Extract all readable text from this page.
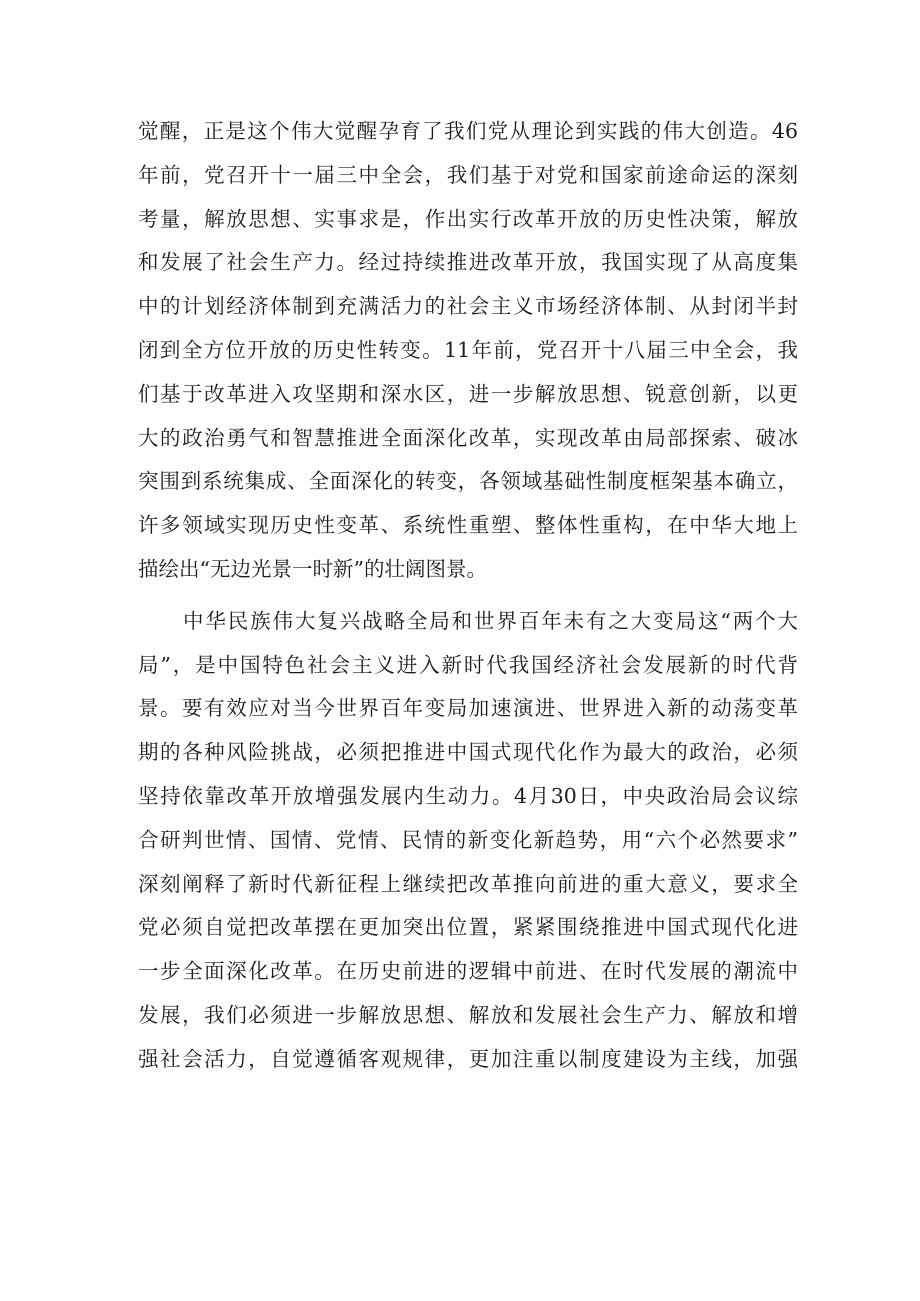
觉醒，正是这个伟大觉醒孕育了我们党从理论到实践的伟大创造。46
年前，党召开十一届三中全会，我们基于对党和国家前途命运的深刻
考量，解放思想、实事求是，作出实行改革开放的历史性决策，解放
和发展了社会生产力。经过持续推进改革开放，我国实现了从高度集
中的计划经济体制到充满活力的社会主义市场经济体制、从封闭半封
闭到全方位开放的历史性转变。11年前，党召开十八届三中全会，我
们基于改革进入攻坚期和深水区，进一步解放思想、锐意创新，以更
大的政治勇气和智慧推进全面深化改革，实现改革由局部探索、破冰
突围到系统集成、全面深化的转变，各领域基础性制度框架基本确立，
许多领域实现历史性变革、系统性重塑、整体性重构，在中华大地上
描绘出“无边光景一时新”的壮阔图景。
中华民族伟大复兴战略全局和世界百年未有之大变局这“两个大
局”，是中国特色社会主义进入新时代我国经济社会发展新的时代背
景。要有效应对当今世界百年变局加速演进、世界进入新的动荡变革
期的各种风险挑战，必须把推进中国式现代化作为最大的政治，必须
坚持依靠改革开放增强发展内生动力。4月30日，中央政治局会议综
合研判世情、国情、党情、民情的新变化新趋势，用“六个必然要求”
深刻阐释了新时代新征程上继续把改革推向前进的重大意义，要求全
党必须自觉把改革摆在更加突出位置，紧紧围绕推进中国式现代化进
一步全面深化改革。在历史前进的逻辑中前进、在时代发展的潮流中
发展，我们必须进一步解放思想、解放和发展社会生产力、解放和增
强社会活力，自觉遵循客观规律，更加注重以制度建设为主线，加强
